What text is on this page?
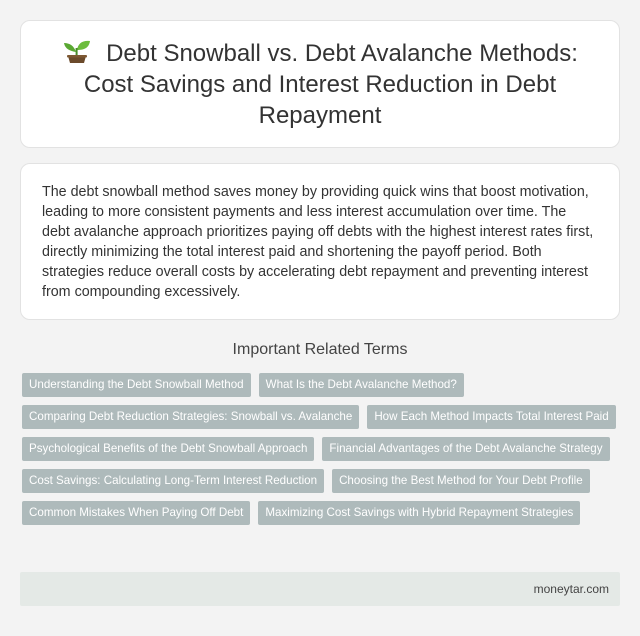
Debt Snowball vs. Debt Avalanche Methods: Cost Savings and Interest Reduction in Debt Repayment

The debt snowball method saves money by providing quick wins that boost motivation, leading to more consistent payments and less interest accumulation over time. The debt avalanche approach prioritizes paying off debts with the highest interest rates first, directly minimizing the total interest paid and shortening the payoff period. Both strategies reduce overall costs by accelerating debt repayment and preventing interest from compounding excessively.

Important Related Terms
Understanding the Debt Snowball Method	What Is the Debt Avalanche Method?
Comparing Debt Reduction Strategies: Snowball vs. Avalanche	How Each Method Impacts Total Interest Paid
Psychological Benefits of the Debt Snowball Approach	Financial Advantages of the Debt Avalanche Strategy
Cost Savings: Calculating Long-Term Interest Reduction	Choosing the Best Method for Your Debt Profile
Common Mistakes When Paying Off Debt	Maximizing Cost Savings with Hybrid Repayment Strategies
moneytar.com
